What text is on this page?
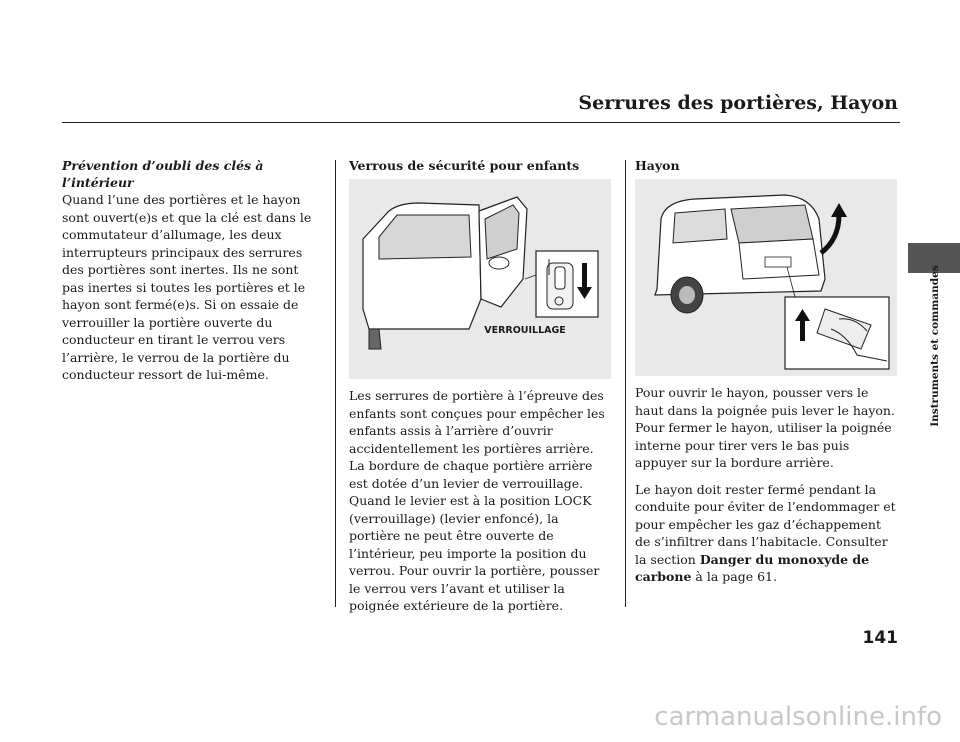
Serrures des portières, Hayon
Instruments et commandes
Prévention d’oubli des clés à l’intérieur

Quand l’une des portières et le hayon sont ouvert(e)s et que la clé est dans le commutateur d’allumage, les deux interrupteurs principaux des serrures des portières sont inertes. Ils ne sont pas inertes si toutes les portières et le hayon sont fermé(e)s. Si on essaie de verrouiller la portière ouverte du conducteur en tirant le verrou vers l’arrière, le verrou de la portière du conducteur ressort de lui-même.

Verrous de sécurité pour enfants
VERROUILLAGE

Les serrures de portière à l’épreuve des enfants sont conçues pour empêcher les enfants assis à l’arrière d’ouvrir accidentellement les portières arrière. La bordure de chaque portière arrière est dotée d’un levier de verrouillage. Quand le levier est à la position LOCK (verrouillage) (levier enfoncé), la portière ne peut être ouverte de l’intérieur, peu importe la position du verrou. Pour ouvrir la portière, pousser le verrou vers l’avant et utiliser la poignée extérieure de la portière.

Hayon

Pour ouvrir le hayon, pousser vers le haut dans la poignée puis lever le hayon. Pour fermer le hayon, utiliser la poignée interne pour tirer vers le bas puis appuyer sur la bordure arrière.

Le hayon doit rester fermé pendant la conduite pour éviter de l’endommager et pour empêcher les gaz d’échappement de s’infiltrer dans l’habitacle. Consulter la section Danger du monoxyde de carbone à la page 61.

141
carmanualsonline.info
